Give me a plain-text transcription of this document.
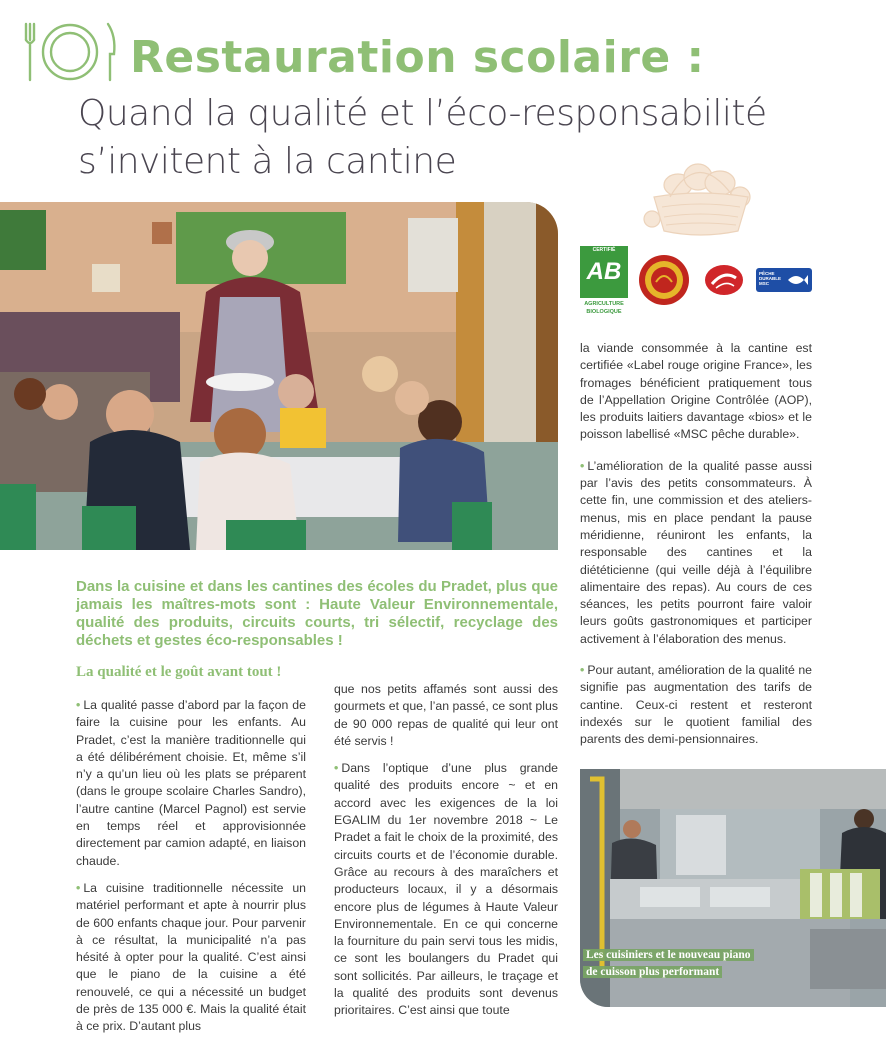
Restauration scolaire :
Quand la qualité et l’éco-responsabilité s’invitent à la cantine
CERTIFIÉ
AB
AGRICULTURE
BIOLOGIQUE
PÊCHE DURABLE MSC
Dans la cuisine et dans les cantines des écoles du Pradet, plus que jamais les maîtres-mots sont : Haute Valeur Environnementale, qualité des produits, circuits courts, tri sélectif, recyclage des déchets et gestes éco-responsables !
La qualité et le goût avant tout !

• La qualité passe d’abord par la façon de faire la cuisine pour les enfants. Au Pradet, c’est la manière traditionnelle qui a été délibérément choisie. Et, même s’il n’y a qu’un lieu où les plats se préparent (dans le groupe scolaire Charles Sandro), l’autre cantine (Marcel Pagnol) est servie en temps réel et approvisionnée directement par camion adapté, en liaison chaude.

• La cuisine traditionnelle nécessite un matériel performant et apte à nourrir plus de 600 enfants chaque jour. Pour parvenir à ce résultat, la municipalité n’a pas hésité à opter pour la qualité. C’est ainsi que le piano de la cuisine a été renouvelé, ce qui a nécessité un budget de près de 135 000 €. Mais la qualité était à ce prix. D’autant plus

que nos petits affamés sont aussi des gourmets et que, l’an passé, ce sont plus de 90 000 repas de qualité qui leur ont été servis !

• Dans l’optique d’une plus grande qualité des produits encore ~ et en accord avec les exigences de la loi EGALIM du 1er novembre 2018 ~ Le Pradet a fait le choix de la proximité, des circuits courts et de l’économie durable. Grâce au recours à des maraîchers et producteurs locaux, il y a désormais encore plus de légumes à Haute Valeur Environnementale. En ce qui concerne la fourniture du pain servi tous les midis, ce sont les boulangers du Pradet qui sont sollicités. Par ailleurs, le traçage et la qualité des produits sont devenus prioritaires. C’est ainsi que toute

la viande consommée à la cantine est certifiée «Label rouge origine France», les fromages bénéficient pratiquement tous de l’Appellation Origine Contrôlée (AOP), les produits laitiers davantage «bios» et le poisson labellisé «MSC pêche durable».

• L’amélioration de la qualité passe aussi par l’avis des petits consommateurs. À cette fin, une commission et des ateliers-menus, mis en place pendant la pause méridienne, réuniront les enfants, la responsable des cantines et la diététicienne (qui veille déjà à l’équilibre alimentaire des repas). Au cours de ces séances, les petits pourront faire valoir leurs goûts gastronomiques et participer activement à l’élaboration des menus.

• Pour autant, amélioration de la qualité ne signifie pas augmentation des tarifs de cantine. Ceux-ci restent et resteront indexés sur le quotient familial des parents des demi-pensionnaires.

Les cuisiniers et le nouveau piano
de cuisson plus performant
